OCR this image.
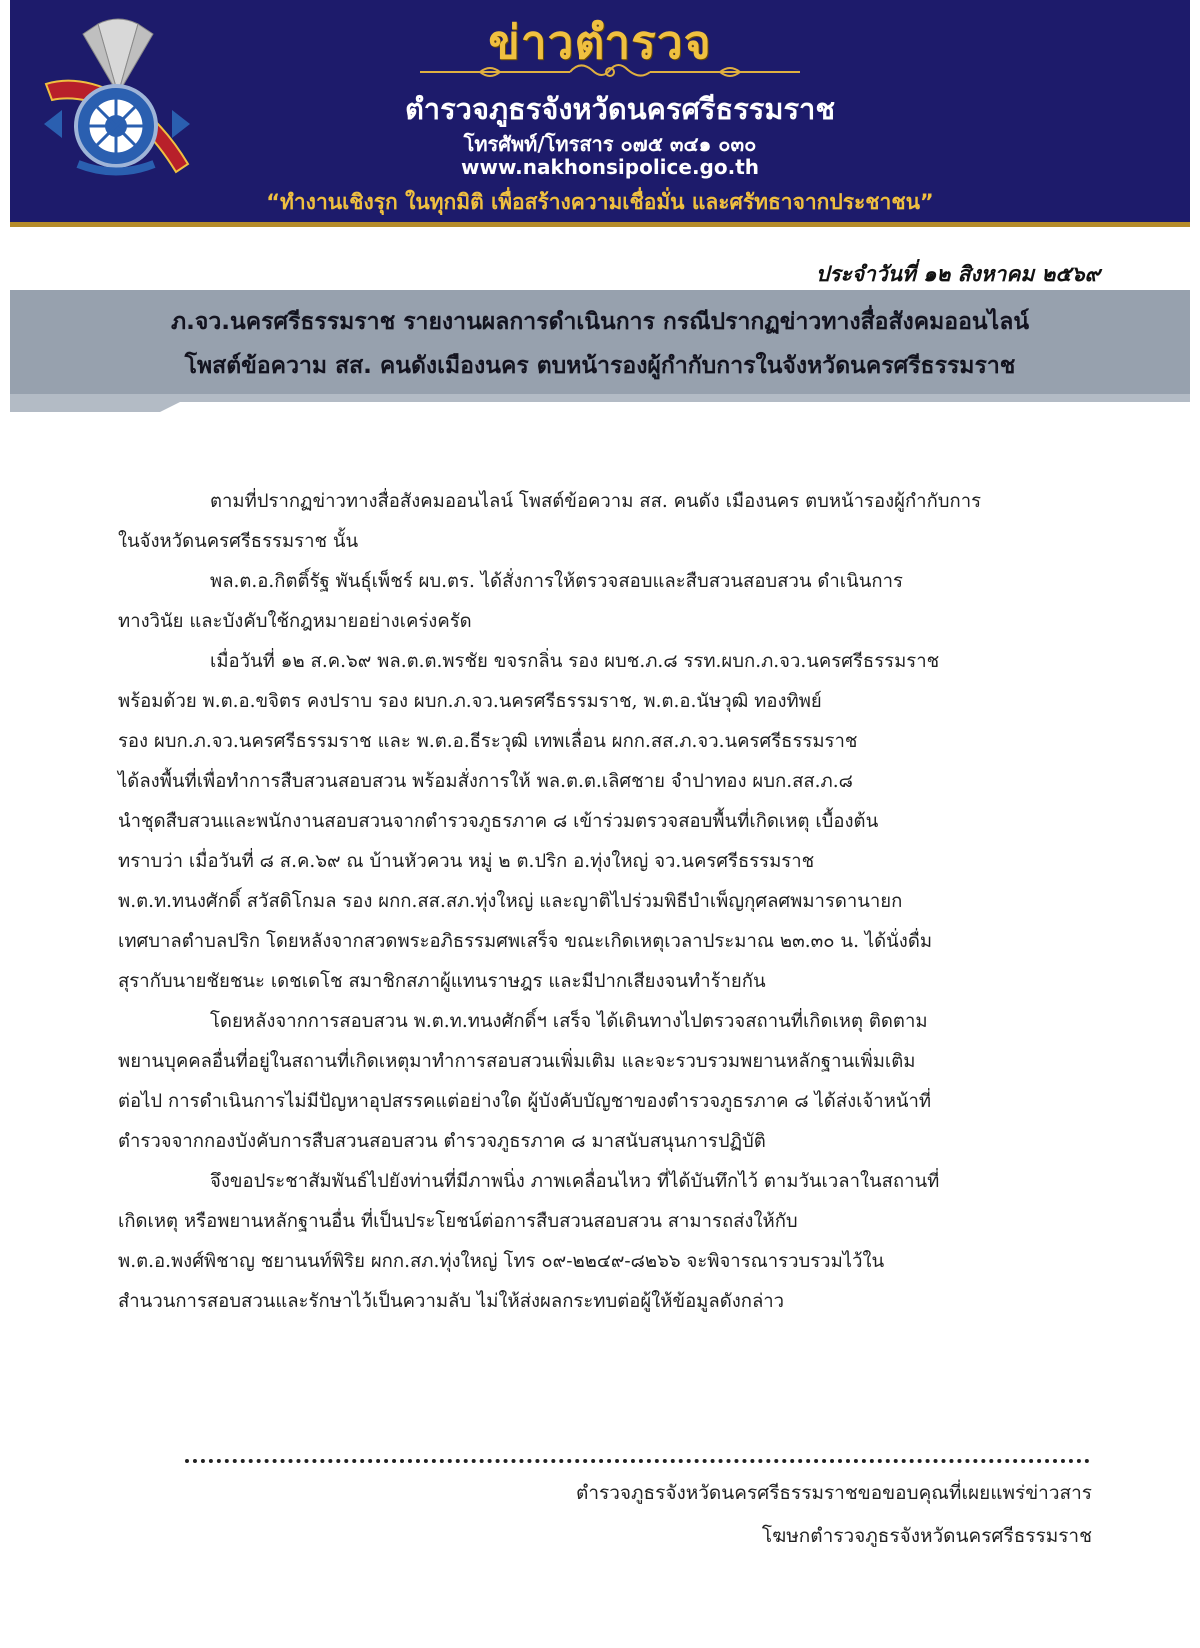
ข่าวตำรวจ
ตำรวจภูธรจังหวัดนครศรีธรรมราช
โทรศัพท์/โทรสาร ๐๗๕ ๓๔๑ ๐๓๐
www.nakhonsipolice.go.th
“ทำงานเชิงรุก ในทุกมิติ เพื่อสร้างความเชื่อมั่น และศรัทธาจากประชาชน”
ประจำวันที่ ๑๒ สิงหาคม ๒๕๖๙
ภ.จว.นครศรีธรรมราช รายงานผลการดำเนินการ กรณีปรากฏข่าวทางสื่อสังคมออนไลน์
โพสต์ข้อความ สส. คนดังเมืองนคร ตบหน้ารองผู้กำกับการในจังหวัดนครศรีธรรมราช

ตามที่ปรากฏข่าวทางสื่อสังคมออนไลน์ โพสต์ข้อความ สส. คนดัง เมืองนคร ตบหน้ารองผู้กำกับการ
ในจังหวัดนครศรีธรรมราช นั้น

พล.ต.อ.กิตติ์รัฐ พันธุ์เพ็ชร์ ผบ.ตร. ได้สั่งการให้ตรวจสอบและสืบสวนสอบสวน ดำเนินการ
ทางวินัย และบังคับใช้กฎหมายอย่างเคร่งครัด

เมื่อวันที่ ๑๒ ส.ค.๖๙ พล.ต.ต.พรชัย ขจรกลิ่น รอง ผบช.ภ.๘ รรท.ผบก.ภ.จว.นครศรีธรรมราช
พร้อมด้วย พ.ต.อ.ขจิตร คงปราบ รอง ผบก.ภ.จว.นครศรีธรรมราช, พ.ต.อ.นัษวุฒิ ทองทิพย์
รอง ผบก.ภ.จว.นครศรีธรรมราช และ พ.ต.อ.ธีระวุฒิ เทพเลื่อน ผกก.สส.ภ.จว.นครศรีธรรมราช
ได้ลงพื้นที่เพื่อทำการสืบสวนสอบสวน พร้อมสั่งการให้ พล.ต.ต.เลิศชาย จำปาทอง ผบก.สส.ภ.๘
นำชุดสืบสวนและพนักงานสอบสวนจากตำรวจภูธรภาค ๘ เข้าร่วมตรวจสอบพื้นที่เกิดเหตุ เบื้องต้น
ทราบว่า เมื่อวันที่ ๘ ส.ค.๖๙ ณ บ้านหัวควน หมู่ ๒ ต.ปริก อ.ทุ่งใหญ่ จว.นครศรีธรรมราช
พ.ต.ท.ทนงศักดิ์ สวัสดิโกมล รอง ผกก.สส.สภ.ทุ่งใหญ่ และญาติไปร่วมพิธีบำเพ็ญกุศลศพมารดานายก
เทศบาลตำบลปริก โดยหลังจากสวดพระอภิธรรมศพเสร็จ ขณะเกิดเหตุเวลาประมาณ ๒๓.๓๐ น. ได้นั่งดื่ม
สุรากับนายชัยชนะ เดชเดโช สมาชิกสภาผู้แทนราษฎร และมีปากเสียงจนทำร้ายกัน

โดยหลังจากการสอบสวน พ.ต.ท.ทนงศักดิ์ฯ เสร็จ ได้เดินทางไปตรวจสถานที่เกิดเหตุ ติดตาม
พยานบุคคลอื่นที่อยู่ในสถานที่เกิดเหตุมาทำการสอบสวนเพิ่มเติม และจะรวบรวมพยานหลักฐานเพิ่มเติม
ต่อไป การดำเนินการไม่มีปัญหาอุปสรรคแต่อย่างใด ผู้บังคับบัญชาของตำรวจภูธรภาค ๘ ได้ส่งเจ้าหน้าที่
ตำรวจจากกองบังคับการสืบสวนสอบสวน ตำรวจภูธรภาค ๘ มาสนับสนุนการปฏิบัติ

จึงขอประชาสัมพันธ์ไปยังท่านที่มีภาพนิ่ง ภาพเคลื่อนไหว ที่ได้บันทึกไว้ ตามวันเวลาในสถานที่
เกิดเหตุ หรือพยานหลักฐานอื่น ที่เป็นประโยชน์ต่อการสืบสวนสอบสวน สามารถส่งให้กับ
พ.ต.อ.พงศ์พิชาญ ชยานนท์พิริย ผกก.สภ.ทุ่งใหญ่ โทร ๐๙-๒๒๔๙-๘๒๖๖ จะพิจารณารวบรวมไว้ใน
สำนวนการสอบสวนและรักษาไว้เป็นความลับ ไม่ให้ส่งผลกระทบต่อผู้ให้ข้อมูลดังกล่าว

ตำรวจภูธรจังหวัดนครศรีธรรมราชขอขอบคุณที่เผยแพร่ข่าวสาร
โฆษกตำรวจภูธรจังหวัดนครศรีธรรมราช
